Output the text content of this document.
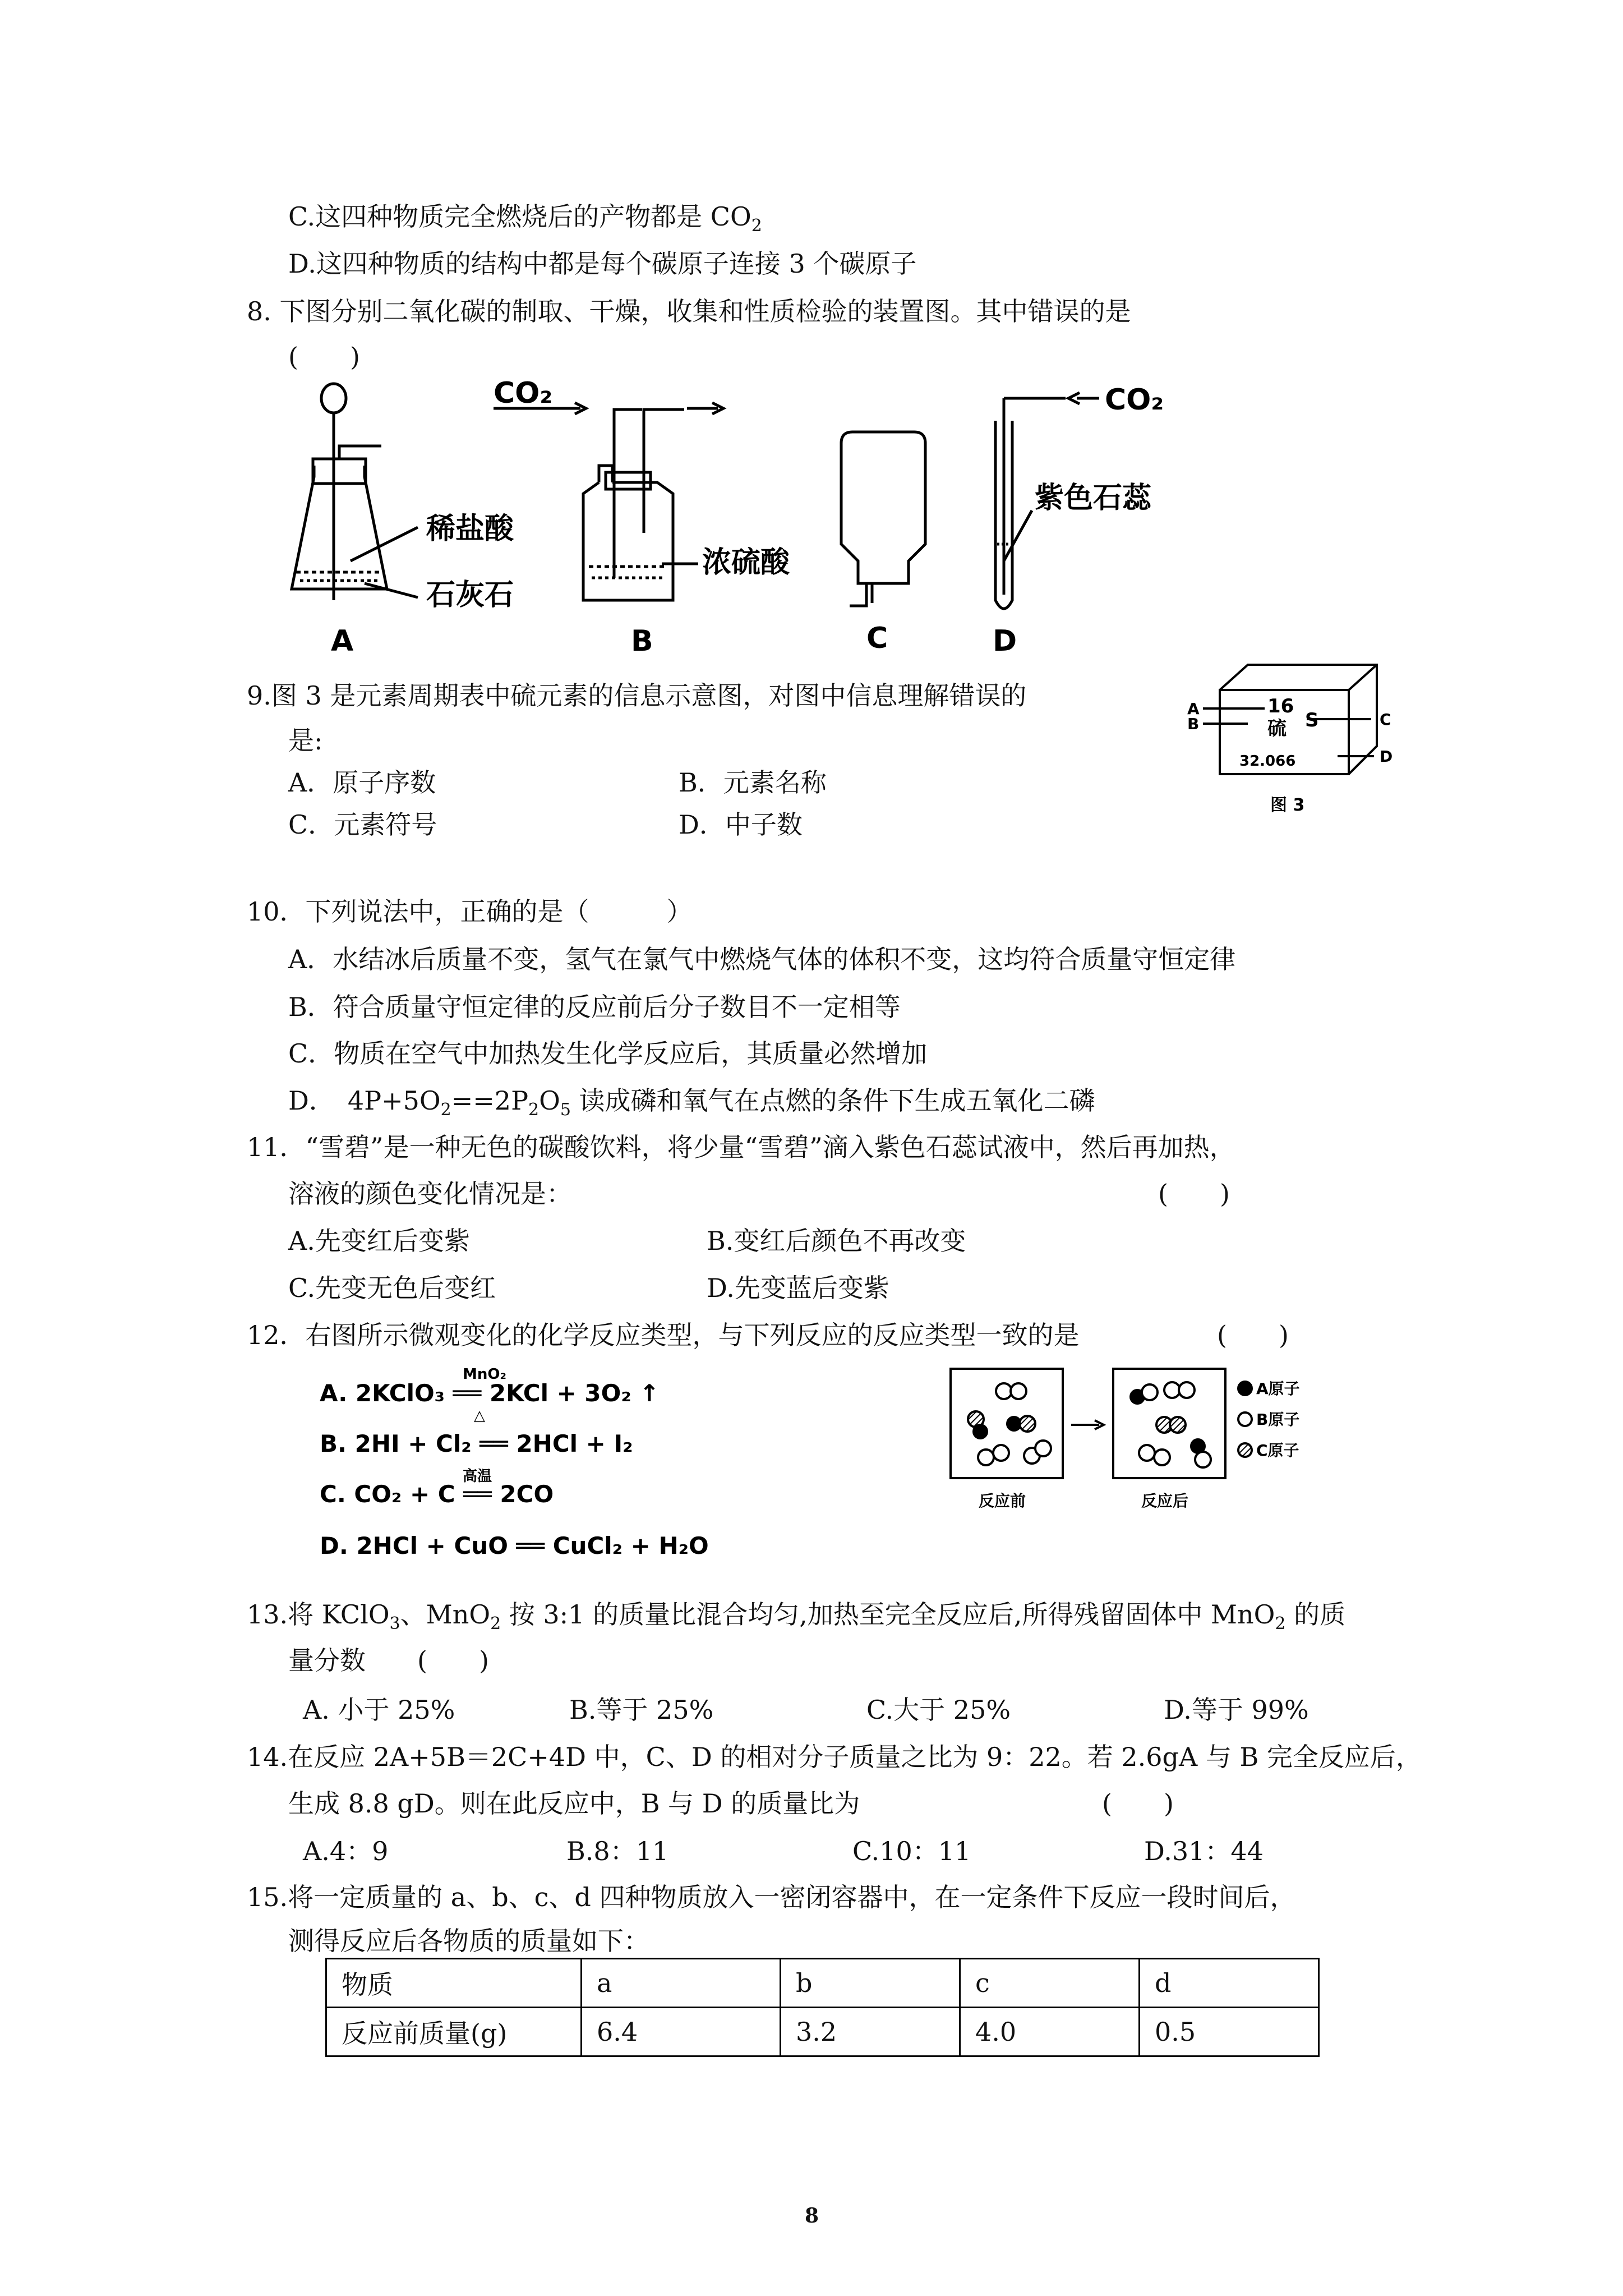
C.这四种物质完全燃烧后的产物都是 $CO_2$
D.这四种物质的结构中都是每个碳原子连接 3 个碳原子
8. 下图分别二氧化碳的制取、干燥，收集和性质检验的装置图。其中错误的是
(　　)
稀盐酸
石灰石
A
CO₂
浓硫酸
B	C
CO₂
紫色石蕊
D
9.图 3 是元素周期表中硫元素的信息示意图，对图中信息理解错误的
是:
A．原子序数	B．元素名称
C．元素符号	D．中子数
16
硫 S
32.066
A
B	C
D
图 3
10．下列说法中，正确的是（　　　）
A．水结冰后质量不变，氢气在氯气中燃烧气体的体积不变，这均符合质量守恒定律
B．符合质量守恒定律的反应前后分子数目不一定相等
C．物质在空气中加热发生化学反应后，其质量必然增加
D．　$4P+5O_2==2P_2O_5$ 读成磷和氧气在点燃的条件下生成五氧化二磷
11．“雪碧”是一种无色的碳酸饮料，将少量“雪碧”滴入紫色石蕊试液中，然后再加热，
溶液的颜色变化情况是：	(　　)
A.先变红后变紫	B.变红后颜色不再改变
C.先变无色后变红	D.先变蓝后变紫
12．右图所示微观变化的化学反应类型，与下列反应的反应类型一致的是	(　　)
A. 2KClO₃ ══ 2KCl + 3O₂ ↑
MnO₂
△
B. 2HI + Cl₂ ══ 2HCl + I₂
C. CO₂ + C ══ 2CO
高温
D. 2HCl + CuO ══ CuCl₂ + H₂O
A原子
B原子
C原子
反应前	反应后
13.将 KClO$_3$、MnO$_2$ 按 3:1 的质量比混合均匀,加热至完全反应后,所得残留固体中 MnO$_2$ 的质
量分数　　(　　)
A. 小于 25%	B.等于 25%	C.大于 25%	D.等于 99%
14.在反应 2A+5B＝2C+4D 中，C、D 的相对分子质量之比为 9：22。若 2.6gA 与 B 完全反应后，
生成 8.8 gD。则在此反应中，B 与 D 的质量比为	(　　)
A.4：9	B.8：11	C.10：11	D.31：44
15.将一定质量的 a、b、c、d 四种物质放入一密闭容器中，在一定条件下反应一段时间后，
测得反应后各物质的质量如下：
物质	a	b	c	d
反应前质量(g)	6.4	3.2	4.0	0.5
8
